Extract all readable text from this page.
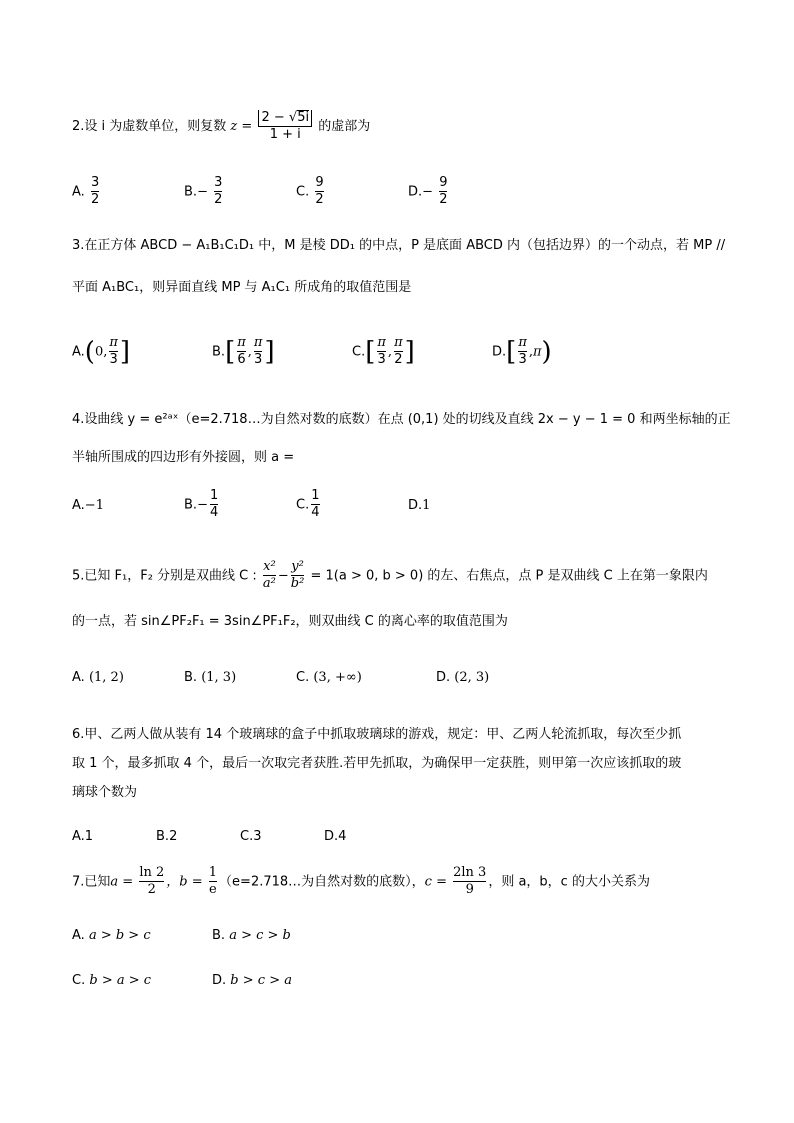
2.设 i 为虚数单位，则复数 $z = \frac{2 - √5i}{1 + i}$ 的虚部为
A. $\frac{3}{2}$	$B.- \frac{3}{2}$	C. $\frac{9}{2}$	$D.- \frac{9}{2}$
3.在正方体 ABCD − A₁B₁C₁D₁ 中，M 是棱 DD₁ 的中点，P 是底面 ABCD 内（包括边界）的一个动点，若 MP //
平面 A₁BC₁，则异面直线 MP 与 A₁C₁ 所成角的取值范围是
A.(0, $\frac{\pi}{3}$ ]	$B.[ \frac{\pi}{6}$ , $\frac{\pi}{3}$ ]	$C.[ \frac{\pi}{3}$ , $\frac{\pi}{2}$ ]	$D.[ \frac{\pi}{3} ,\pi)$
4.设曲线 y = e²ᵃˣ（e=2.718…为自然对数的底数）在点 (0,1) 处的切线及直线 2x − y − 1 = 0 和两坐标轴的正
半轴所围成的四边形有外接圆，则 a =
A.−1	$B.- \frac{1}{4}$	C. $\frac{1}{4}$	D.1
5.已知 F₁，F₂ 分别是双曲线 C : $\frac{\text{x²}}{\text{a²}} - \frac{\text{y²}}{\text{b²}} = 1(a > 0$, b > 0) 的左、右焦点，点 P 是双曲线 C 上在第一象限内
的一点，若 sin∠PF₂F₁ = 3sin∠PF₁F₂，则双曲线 C 的离心率的取值范围为
A. (1, 2)	B. (1, 3)	C. (3, +∞)	D. (2, 3)
6.甲、乙两人做从装有 14 个玻璃球的盒子中抓取玻璃球的游戏，规定：甲、乙两人轮流抓取，每次至少抓
取 1 个，最多抓取 4 个，最后一次取完者获胜.若甲先抓取，为确保甲一定获胜，则甲第一次应该抓取的玻
璃球个数为
A.1	B.2	C.3	D.4
7.已知$a = \frac{\ln 2}{2}$ ，$b = \frac{1}{e}$ （e=2.718…为自然对数的底数），$c = \frac{2\ln 3}{9}$ ，则 a，b，c 的大小关系为
A. a > b > c	B. a > c > b
C. b > a > c	D. b > c > a
